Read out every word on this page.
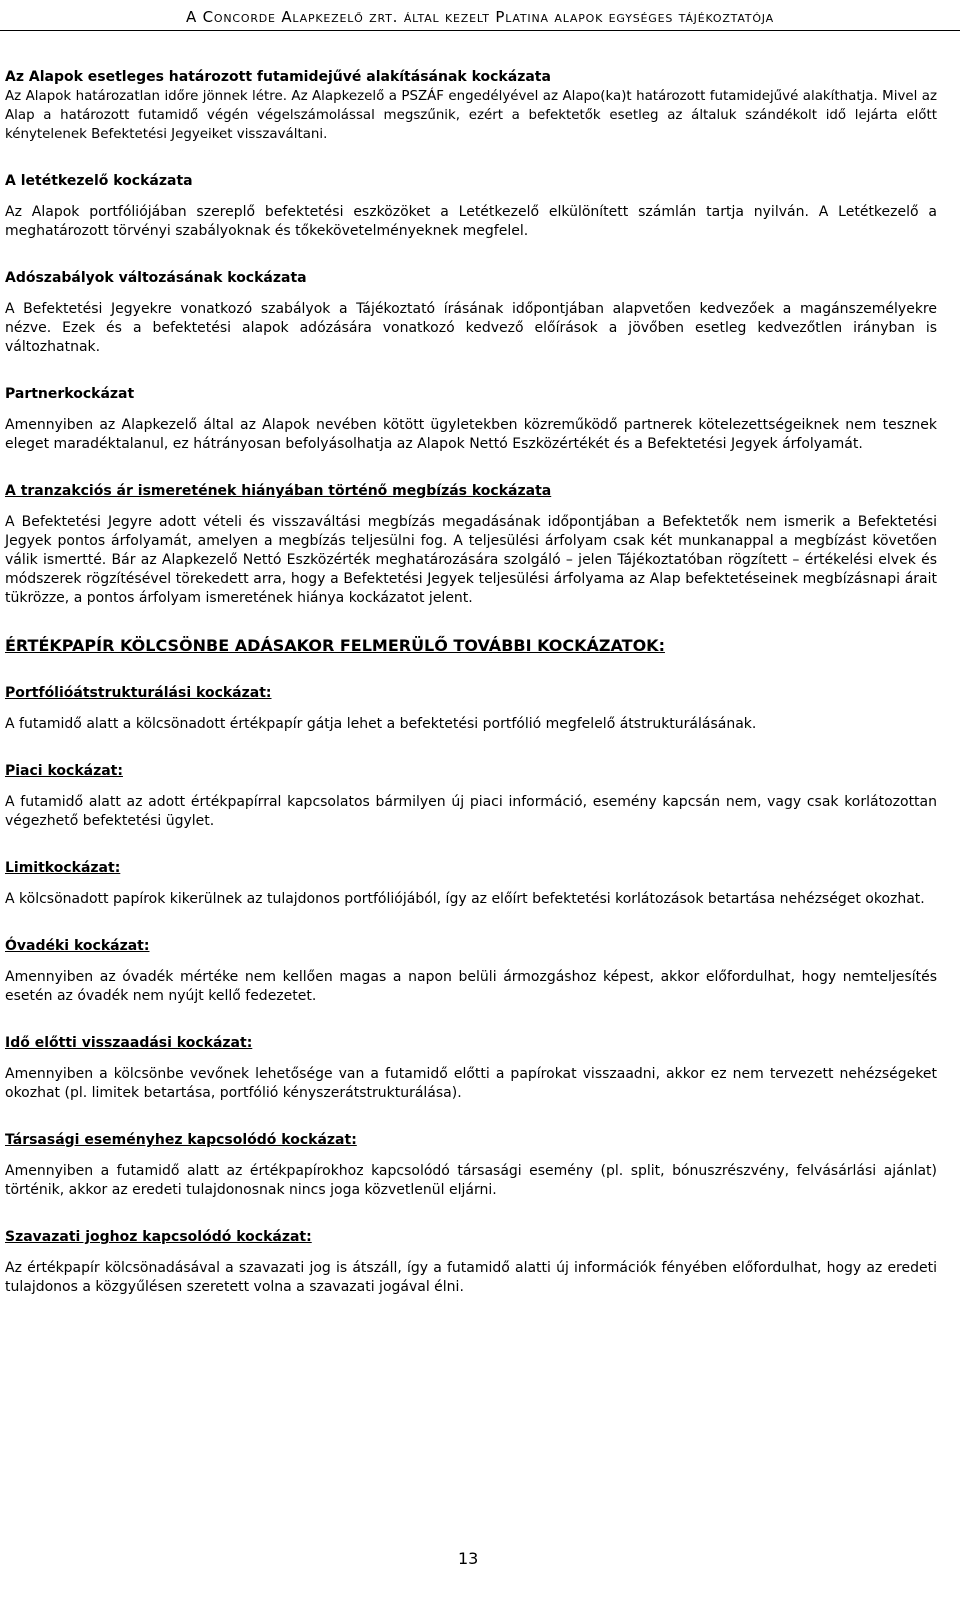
A Concorde Alapkezelő zrt. által kezelt Platina alapok egységes tájékoztatója
Az Alapok esetleges határozott futamidejűvé alakításának kockázata

Az Alapok határozatlan időre jönnek létre. Az Alapkezelő a PSZÁF engedélyével az Alapo(ka)t határozott futamidejűvé alakíthatja. Mivel az Alap a határozott futamidő végén végelszámolással megszűnik, ezért a befektetők esetleg az általuk szándékolt idő lejárta előtt kénytelenek Befektetési Jegyeiket visszaváltani.

A letétkezelő kockázata

Az Alapok portfóliójában szereplő befektetési eszközöket a Letétkezelő elkülönített számlán tartja nyilván. A Letétkezelő a meghatározott törvényi szabályoknak és tőkekövetelményeknek megfelel.

Adószabályok változásának kockázata

A Befektetési Jegyekre vonatkozó szabályok a Tájékoztató írásának időpontjában alapvetően kedvezőek a magánszemélyekre nézve. Ezek és a befektetési alapok adózására vonatkozó kedvező előírások a jövőben esetleg kedvezőtlen irányban is változhatnak.

Partnerkockázat

Amennyiben az Alapkezelő által az Alapok nevében kötött ügyletekben közreműködő partnerek kötelezettségeiknek nem tesznek eleget maradéktalanul, ez hátrányosan befolyásolhatja az Alapok Nettó Eszközértékét és a Befektetési Jegyek árfolyamát.

A tranzakciós ár ismeretének hiányában történő megbízás kockázata

A Befektetési Jegyre adott vételi és visszaváltási megbízás megadásának időpontjában a Befektetők nem ismerik a Befektetési Jegyek pontos árfolyamát, amelyen a megbízás teljesülni fog. A teljesülési árfolyam csak két munkanappal a megbízást követően válik ismertté. Bár az Alapkezelő Nettó Eszközérték meghatározására szolgáló – jelen Tájékoztatóban rögzített – értékelési elvek és módszerek rögzítésével törekedett arra, hogy a Befektetési Jegyek teljesülési árfolyama az Alap befektetéseinek megbízásnapi árait tükrözze, a pontos árfolyam ismeretének hiánya kockázatot jelent.

ÉRTÉKPAPÍR KÖLCSÖNBE ADÁSAKOR FELMERÜLŐ TOVÁBBI KOCKÁZATOK:
Portfólióátstrukturálási kockázat:

A futamidő alatt a kölcsönadott értékpapír gátja lehet a befektetési portfólió megfelelő átstrukturálásának.

Piaci kockázat:

A futamidő alatt az adott értékpapírral kapcsolatos bármilyen új piaci információ, esemény kapcsán nem, vagy csak korlátozottan végezhető befektetési ügylet.

Limitkockázat:

A kölcsönadott papírok kikerülnek az tulajdonos portfóliójából, így az előírt befektetési korlátozások betartása nehézséget okozhat.

Óvadéki kockázat:

Amennyiben az óvadék mértéke nem kellően magas a napon belüli ármozgáshoz képest, akkor előfordulhat, hogy nemteljesítés esetén az óvadék nem nyújt kellő fedezetet.

Idő előtti visszaadási kockázat:

Amennyiben a kölcsönbe vevőnek lehetősége van a futamidő előtti a papírokat visszaadni, akkor ez nem tervezett nehézségeket okozhat (pl. limitek betartása, portfólió kényszerátstrukturálása).

Társasági eseményhez kapcsolódó kockázat:

Amennyiben a futamidő alatt az értékpapírokhoz kapcsolódó társasági esemény (pl. split, bónuszrészvény, felvásárlási ajánlat) történik, akkor az eredeti tulajdonosnak nincs joga közvetlenül eljárni.

Szavazati joghoz kapcsolódó kockázat:

Az értékpapír kölcsönadásával a szavazati jog is átszáll, így a futamidő alatti új információk fényében előfordulhat, hogy az eredeti tulajdonos a közgyűlésen szeretett volna a szavazati jogával élni.

13
